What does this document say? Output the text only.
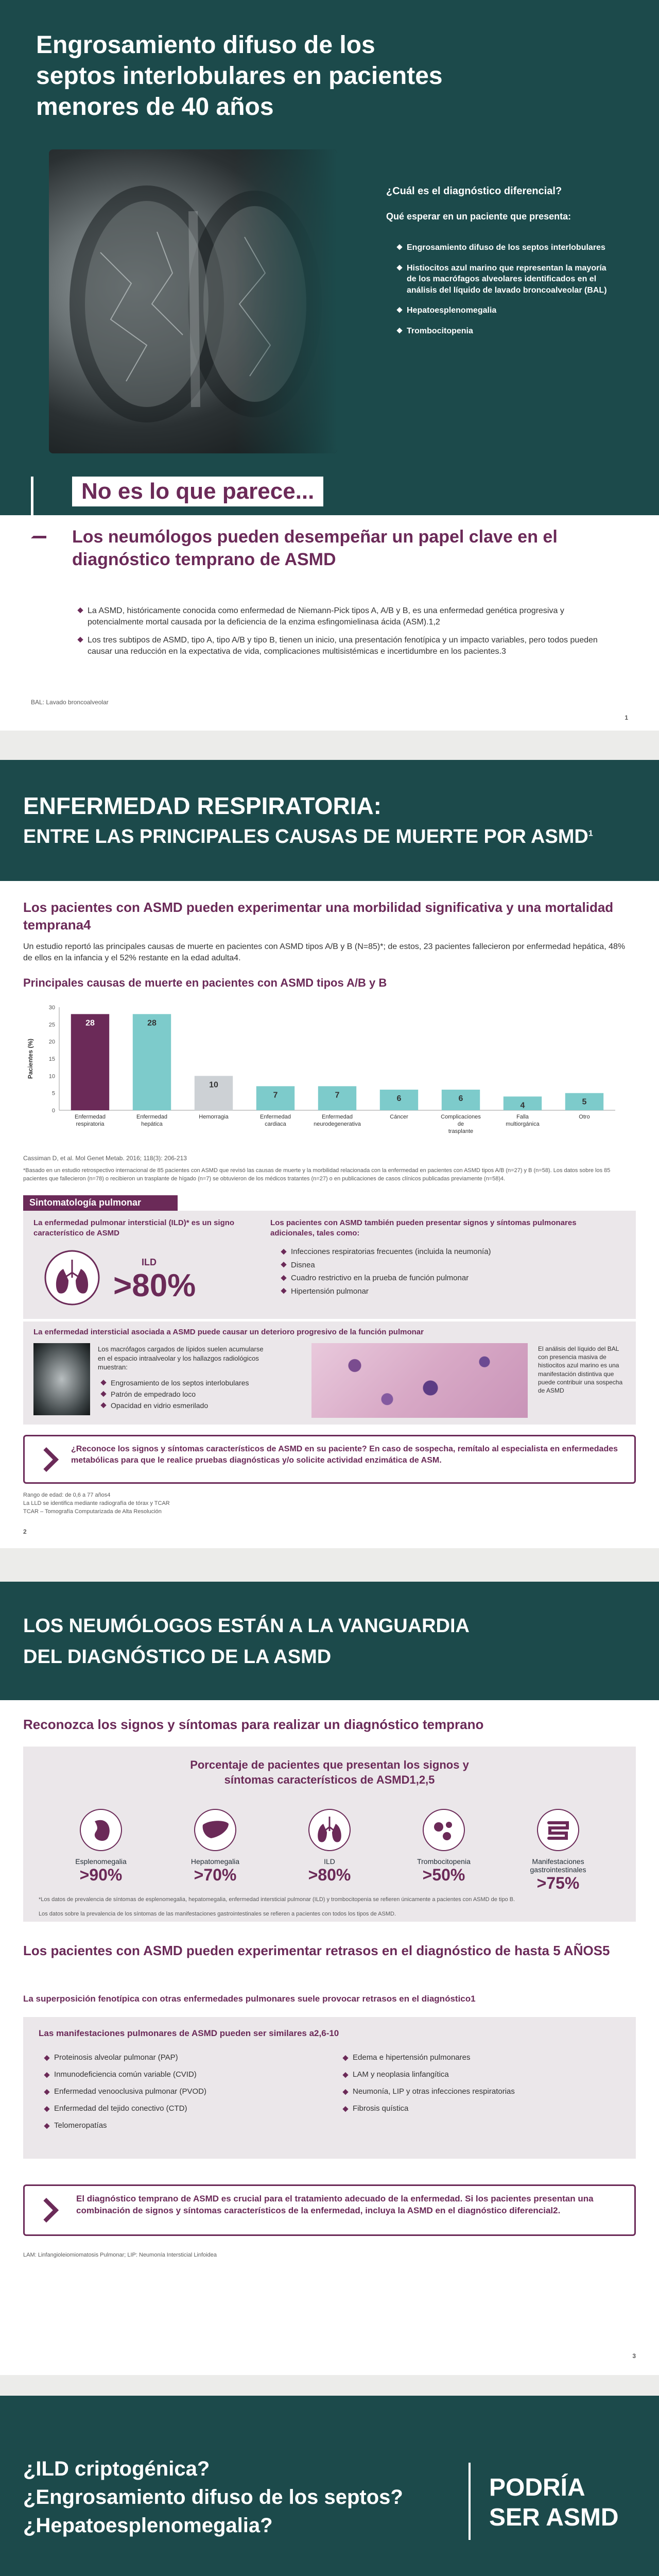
Engrosamiento difuso de los septos interlobulares en pacientes menores de 40 años
¿Cuál es el diagnóstico diferencial?
Qué esperar en un paciente que presenta:
Engrosamiento difuso de los septos interlobulares
Histiocitos azul marino que representan la mayoría de los macrófagos alveolares identificados en el análisis del líquido de lavado broncoalveolar (BAL)
Hepatoesplenomegalia
Trombocitopenia
No es lo que parece...
Los neumólogos pueden desempeñar un papel clave en el diagnóstico temprano de ASMD
La ASMD, históricamente conocida como enfermedad de Niemann-Pick tipos A, A/B y B, es una enfermedad genética progresiva y potencialmente mortal causada por la deficiencia de la enzima esfingomielinasa ácida (ASM).1,2
Los tres subtipos de ASMD, tipo A, tipo A/B y tipo B, tienen un inicio, una presentación fenotípica y un impacto variables, pero todos pueden causar una reducción en la expectativa de vida, complicaciones multisistémicas e incertidumbre en los pacientes.3
BAL: Lavado broncoalveolar
1
ENFERMEDAD RESPIRATORIA:
ENTRE LAS PRINCIPALES CAUSAS DE MUERTE POR ASMD$^1$
Los pacientes con ASMD pueden experimentar una morbilidad significativa y una mortalidad temprana4
Un estudio reportó las principales causas de muerte en pacientes con ASMD tipos A/B y B (N=85)*; de estos, 23 pacientes fallecieron por enfermedad hepática, 48% de ellos en la infancia y el 52% restante en la edad adulta4.
Principales causas de muerte en pacientes con ASMD tipos A/B y B
0
5
10
15
20
25
30
Pacientes (%)
28
Enfermedad
respiratoria
28
Enfermedad
hepática
10
Hemorragia
7
Enfermedad
cardiaca
7
Enfermedad
neurodegenerativa
6
Cáncer
6
Complicaciones
de
trasplante
4
Falla
multiorgánica
5
Otro
Cassiman D, et al. Mol Genet Metab. 2016; 118(3): 206-213
*Basado en un estudio retrospectivo internacional de 85 pacientes con ASMD que revisó las causas de muerte y la morbilidad relacionada con la enfermedad en pacientes con ASMD tipos A/B (n=27) y B (n=58). Los datos sobre los 85 pacientes que fallecieron (n=78) o recibieron un trasplante de hígado (n=7) se obtuvieron de los médicos tratantes (n=27) o en publicaciones de casos clínicos publicadas previamente (n=58)4.
Sintomatología pulmonar
La enfermedad pulmonar intersticial (ILD)* es un signo característico de ASMD
ILD
>80%
Los pacientes con ASMD también pueden presentar signos y síntomas pulmonares adicionales, tales como:
Infecciones respiratorias frecuentes (incluida la neumonía)
Disnea
Cuadro restrictivo en la prueba de función pulmonar
Hipertensión pulmonar
La enfermedad intersticial asociada a ASMD puede causar un deterioro progresivo de la función pulmonar
Los macrófagos cargados de lípidos suelen acumularse en el espacio intraalveolar y los hallazgos radiológicos muestran:
Engrosamiento de los septos interlobulares
Patrón de empedrado loco
Opacidad en vidrio esmerilado
El análisis del líquido del BAL con presencia masiva de histiocitos azul marino es una manifestación distintiva que puede contribuir una sospecha de ASMD
¿Reconoce los signos y síntomas característicos de ASMD en su paciente? En caso de sospecha, remítalo al especialista en enfermedades metabólicas para que le realice pruebas diagnósticas y/o solicite actividad enzimática de ASM.
Rango de edad: de 0,6 a 77 años4
La LLD se identifica mediante radiografía de tórax y TCAR
TCAR – Tomografía Computarizada de Alta Resolución
2
LOS NEUMÓLOGOS ESTÁN A LA VANGUARDIA
DEL DIAGNÓSTICO DE LA ASMD
Reconozca los signos y síntomas para realizar un diagnóstico temprano
Porcentaje de pacientes que presentan los signos y síntomas característicos de ASMD1,2,5
Esplenomegalia
>90%
Hepatomegalia
>70%
ILD
>80%
Trombocitopenia
>50%
Manifestaciones gastrointestinales
>75%
*Los datos de prevalencia de síntomas de esplenomegalia, hepatomegalia, enfermedad intersticial pulmonar (ILD) y trombocitopenia se refieren únicamente a pacientes con ASMD de tipo B.
Los datos sobre la prevalencia de los síntomas de las manifestaciones gastrointestinales se refieren a pacientes con todos los tipos de ASMD.
Los pacientes con ASMD pueden experimentar retrasos en el diagnóstico de hasta 5 AÑOS5
La superposición fenotípica con otras enfermedades pulmonares suele provocar retrasos en el diagnóstico1
Las manifestaciones pulmonares de ASMD pueden ser similares a2,6-10
Proteinosis alveolar pulmonar (PAP)
Inmunodeficiencia común variable (CVID)
Enfermedad venooclusiva pulmonar (PVOD)
Enfermedad del tejido conectivo (CTD)
Telomeropatías
Edema e hipertensión pulmonares
LAM y neoplasia linfangítica
Neumonía, LIP y otras infecciones respiratorias
Fibrosis quística
El diagnóstico temprano de ASMD es crucial para el tratamiento adecuado de la enfermedad. Si los pacientes presentan una combinación de signos y síntomas característicos de la enfermedad, incluya la ASMD en el diagnóstico diferencial2.
LAM: Linfangioleiomiomatosis Pulmonar; LIP: Neumonía Intersticial Linfoidea
3
¿ILD criptogénica?
¿Engrosamiento difuso de los septos?
¿Hepatoesplenomegalia?
PODRÍA SER ASMD
